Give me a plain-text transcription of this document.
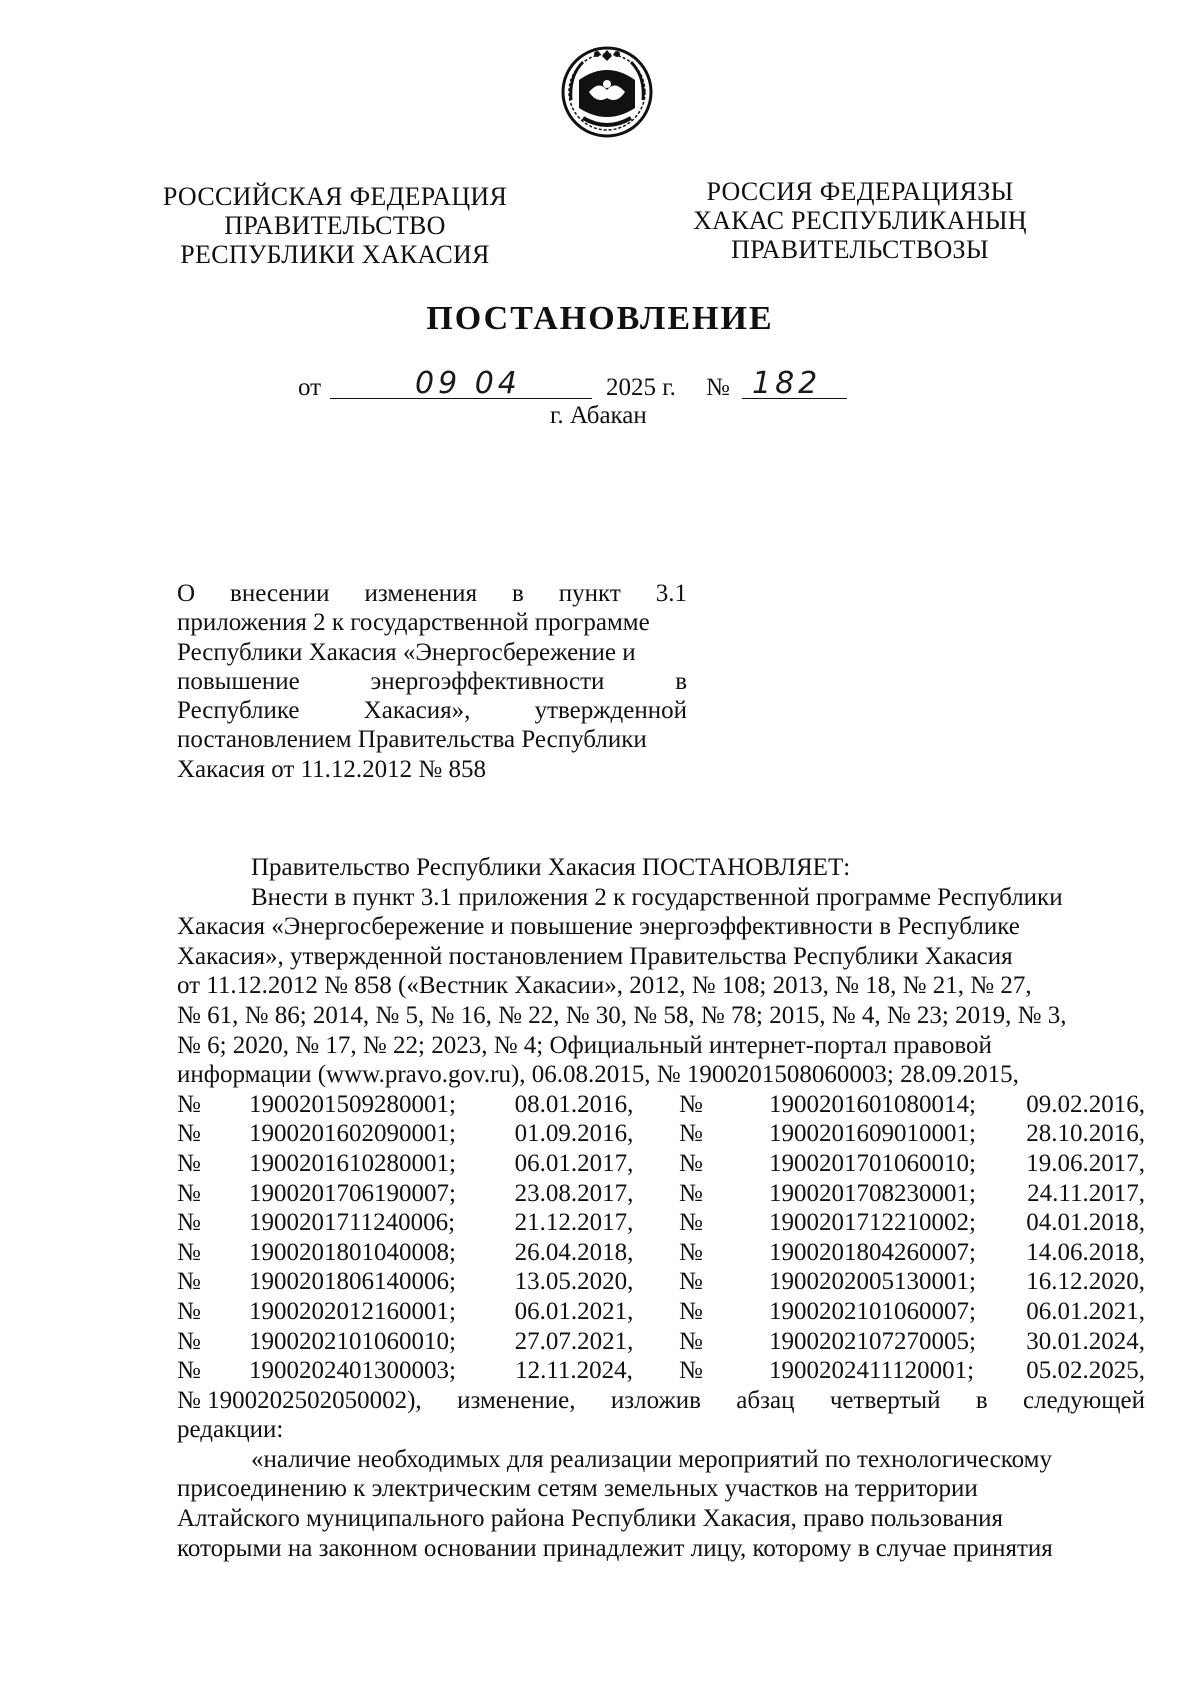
РОССИЙСКАЯ ФЕДЕРАЦИЯ
ПРАВИТЕЛЬСТВО
РЕСПУБЛИКИ ХАКАСИЯ
РОССИЯ ФЕДЕРАЦИЯЗЫ
ХАКАС РЕСПУБЛИКАНЫҢ
ПРАВИТЕЛЬСТВОЗЫ
ПОСТАНОВЛЕНИЕ
от	09 04	2025 г. № 182
г. Абакан
О внесении изменения в пункт 3.1
приложения 2 к государственной программе
Республики Хакасия «Энергосбережение и
повышение	энергоэффективности	в
Республике	Хакасия»,	утвержденной
постановлением Правительства Республики
Хакасия от 11.12.2012 № 858
Правительство Республики Хакасия ПОСТАНОВЛЯЕТ:
Внести в пункт 3.1 приложения 2 к государственной программе Республики
Хакасия «Энергосбережение и повышение энергоэффективности в Республике
Хакасия», утвержденной постановлением Правительства Республики Хакасия
от 11.12.2012 № 858 («Вестник Хакасии», 2012, № 108; 2013, № 18, № 21, № 27,
№ 61, № 86; 2014, № 5, № 16, № 22, № 30, № 58, № 78; 2015, № 4, № 23; 2019, № 3,
№ 6; 2020, № 17, № 22; 2023, № 4; Официальный интернет-портал правовой
информации (www.pravo.gov.ru), 06.08.2015, № 1900201508060003; 28.09.2015,
№	1900201509280001;	08.01.2016,	№	1900201601080014;	09.02.2016,
№	1900201602090001;	01.09.2016,	№	1900201609010001;	28.10.2016,
№	1900201610280001;	06.01.2017,	№	1900201701060010;	19.06.2017,
№	1900201706190007;	23.08.2017,	№	1900201708230001;	24.11.2017,
№	1900201711240006;	21.12.2017,	№	1900201712210002;	04.01.2018,
№	1900201801040008;	26.04.2018,	№	1900201804260007;	14.06.2018,
№	1900201806140006;	13.05.2020,	№	1900202005130001;	16.12.2020,
№	1900202012160001;	06.01.2021,	№	1900202101060007;	06.01.2021,
№	1900202101060010;	27.07.2021,	№	1900202107270005;	30.01.2024,
№	1900202401300003;	12.11.2024,	№	1900202411120001;	05.02.2025,
№ 1900202502050002), изменение, изложив абзац четвертый в следующей
редакции:
«наличие необходимых для реализации мероприятий по технологическому
присоединению к электрическим сетям земельных участков на территории
Алтайского муниципального района Республики Хакасия, право пользования
которыми на законном основании принадлежит лицу, которому в случае принятия
